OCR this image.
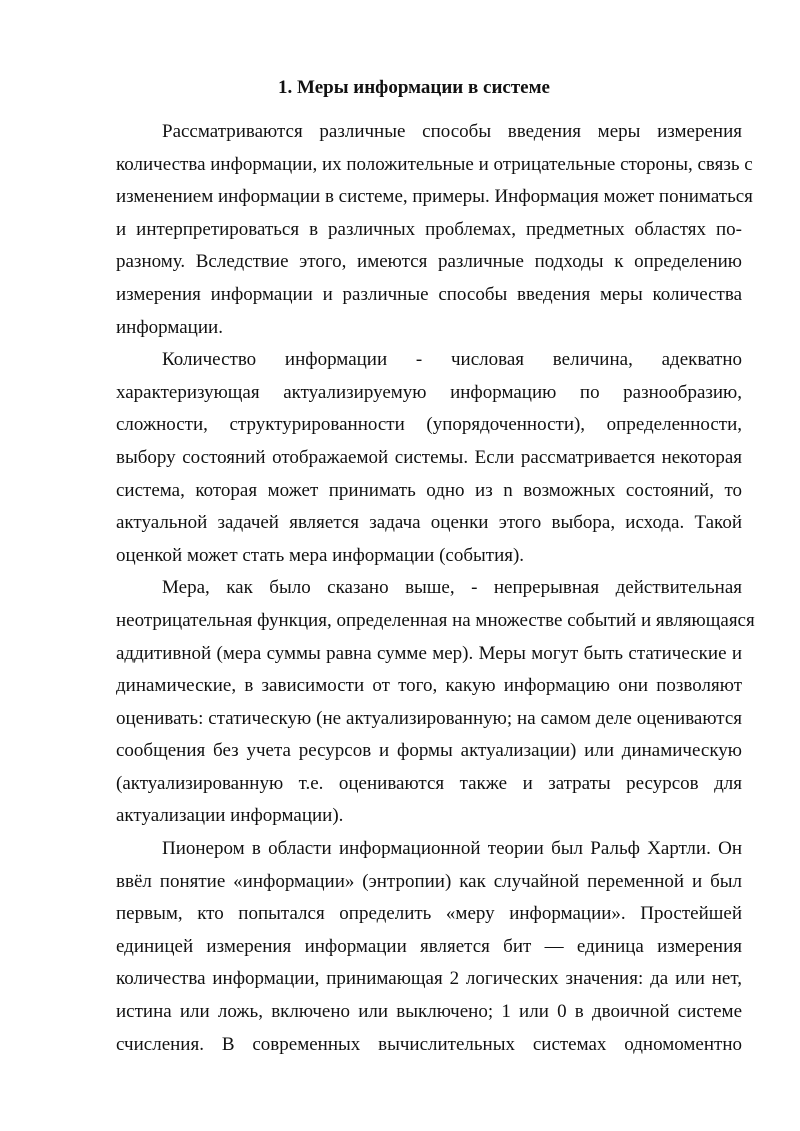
1. Меры информации в системе

Рассматриваются различные способы введения меры измерения
количества информации, их положительные и отрицательные стороны, связь с
изменением информации в системе, примеры. Информация может пониматься
и интерпретироваться в различных проблемах, предметных областях по-
разному. Вследствие этого, имеются различные подходы к определению
измерения информации и различные способы введения меры количества
информации.

Количество информации - числовая величина, адекватно
характеризующая актуализируемую информацию по разнообразию,
сложности, структурированности (упорядоченности), определенности,
выбору состояний отображаемой системы. Если рассматривается некоторая
система, которая может принимать одно из n возможных состояний, то
актуальной задачей является задача оценки этого выбора, исхода. Такой
оценкой может стать мера информации (события).

Мера, как было сказано выше, - непрерывная действительная
неотрицательная функция, определенная на множестве событий и являющаяся
аддитивной (мера суммы равна сумме мер). Меры могут быть статические и
динамические, в зависимости от того, какую информацию они позволяют
оценивать: статическую (не актуализированную; на самом деле оцениваются
сообщения без учета ресурсов и формы актуализации) или динамическую
(актуализированную т.е. оцениваются также и затраты ресурсов для
актуализации информации).

Пионером в области информационной теории был Ральф Хартли. Он
ввёл понятие «информации» (энтропии) как случайной переменной и был
первым, кто попытался определить «меру информации». Простейшей
единицей измерения информации является бит — единица измерения
количества информации, принимающая 2 логических значения: да или нет,
истина или ложь, включено или выключено; 1 или 0 в двоичной системе
счисления. В современных вычислительных системах одномоментно
